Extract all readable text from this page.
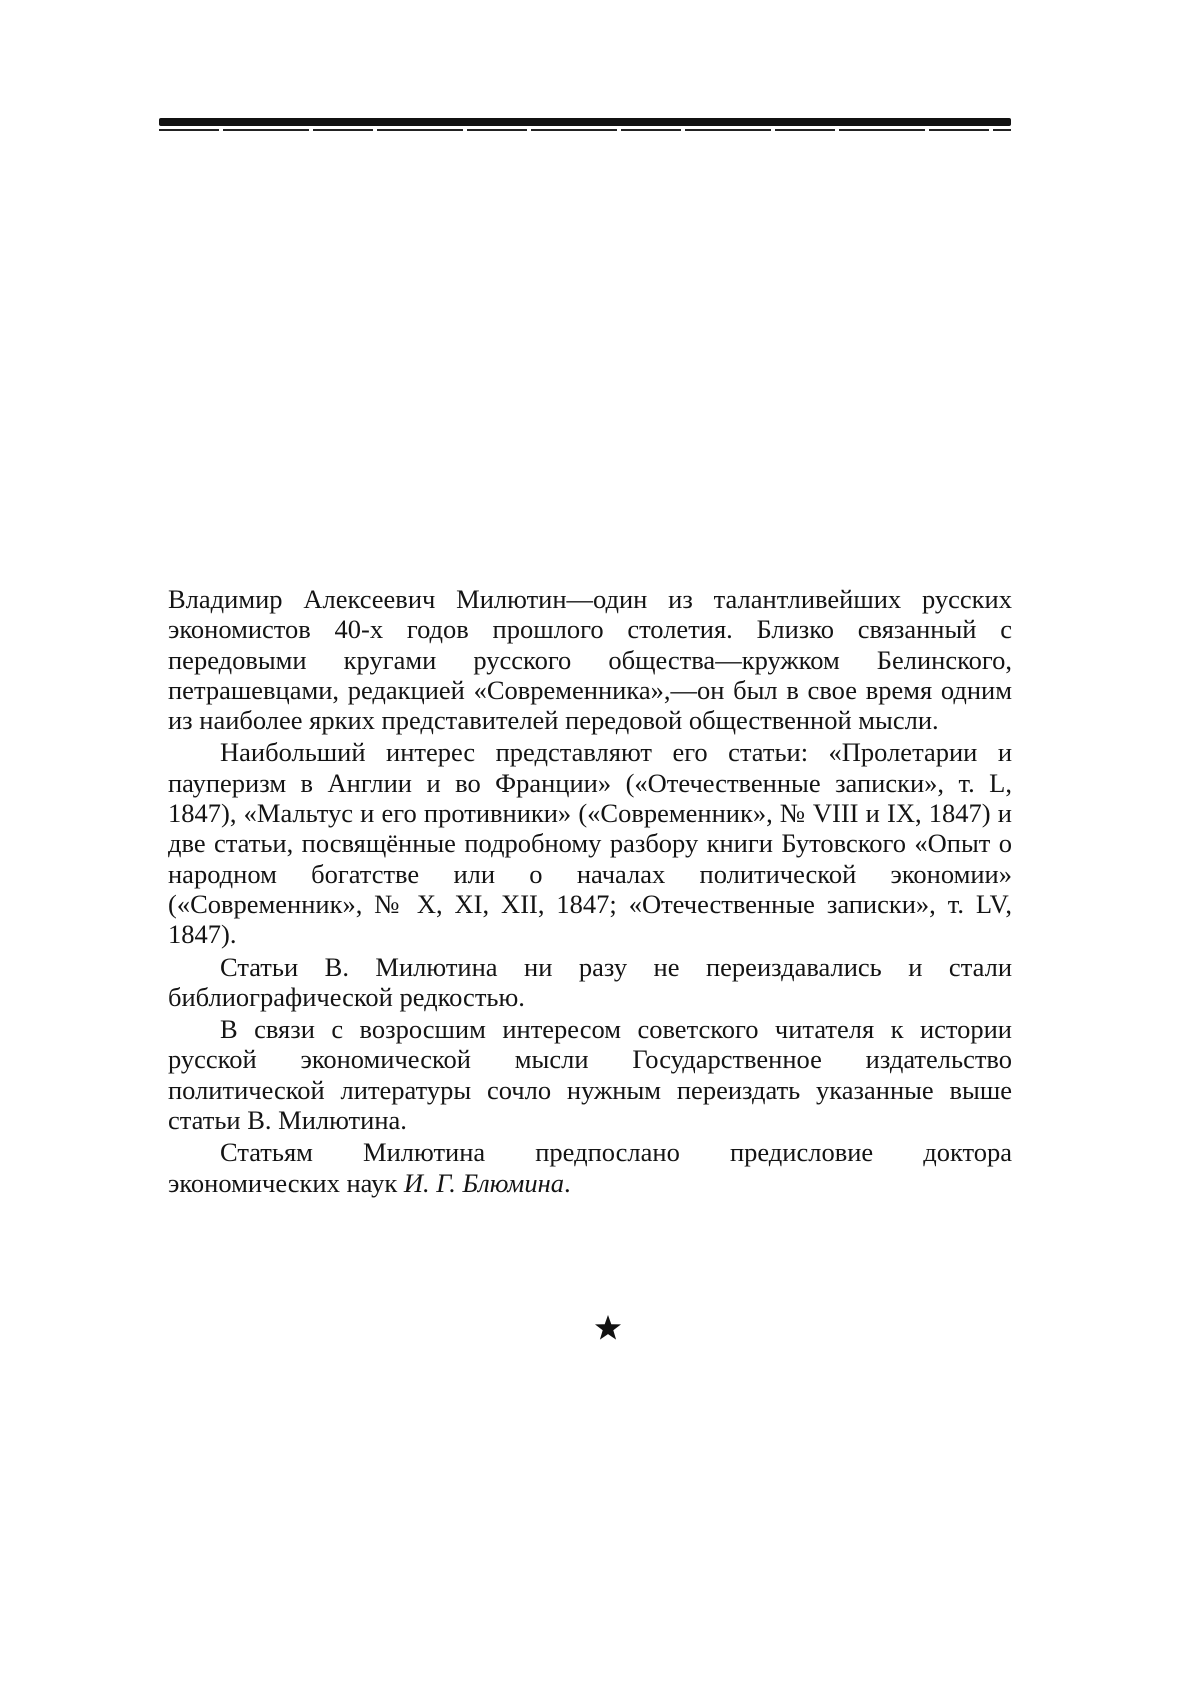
Владимир Алексеевич Милютин—один из талантливейших русских экономистов 40-х годов прошлого столетия. Близко связанный с передовыми кругами русского общества—кружком Белинского, петрашевцами, редакцией «Современника»,—он был в свое время одним из наиболее ярких представителей передовой общественной мысли.

Наибольший интерес представляют его статьи: «Пролетарии и пауперизм в Англии и во Франции» («Отечественные записки», т. L, 1847), «Мальтус и его противники» («Современник», № VIII и IX, 1847) и две статьи, посвящённые подробному разбору книги Бутовского «Опыт о народном богатстве или о началах политической экономии» («Современник», № X, XI, XII, 1847; «Отечественные записки», т. LV, 1847).

Статьи В. Милютина ни разу не переиздавались и стали библиографической редкостью.

В связи с возросшим интересом советского читателя к истории русской экономической мысли Государственное издательство политической литературы сочло нужным переиздать указанные выше статьи В. Милютина.

Статьям Милютина предпослано предисловие доктора экономических наук И. Г. Блюмина.
